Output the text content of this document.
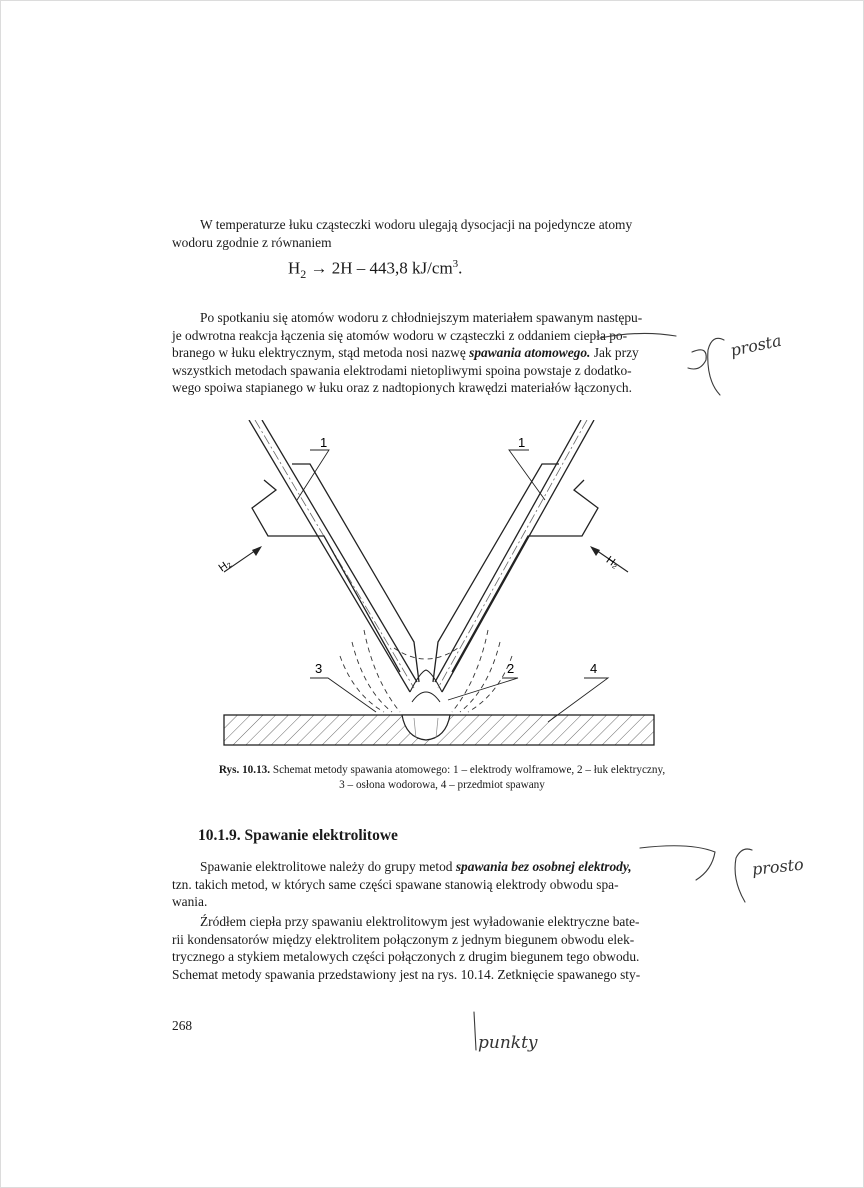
W temperaturze łuku cząsteczki wodoru ulegają dysocjacji na pojedyncze atomy
wodoru zgodnie z równaniem

$H_2 \to 2H - 443,8$ $kJ/cm^3$.

Po spotkaniu się atomów wodoru z chłodniejszym materiałem spawanym następu-
je odwrotna reakcja łączenia się atomów wodoru w cząsteczki z oddaniem ciepła po-
branego w łuku elektrycznym, stąd metoda nosi nazwę spawania atomowego. Jak przy
wszystkich metodach spawania elektrodami nietopliwymi spoina powstaje z dodatko-
wego spoiwa stapianego w łuku oraz z nadtopionych krawędzi materiałów łączonych.

H₂	H₂
1	1
2
3	4
Rys. 10.13. Schemat metody spawania atomowego: 1 – elektrody wolframowe, 2 – łuk elektryczny,
3 – osłona wodorowa, 4 – przedmiot spawany
10.1.9. Spawanie elektrolitowe

Spawanie elektrolitowe należy do grupy metod spawania bez osobnej elektrody,
tzn. takich metod, w których same części spawane stanowią elektrody obwodu spa-
wania.

Źródłem ciepła przy spawaniu elektrolitowym jest wyładowanie elektryczne bate-
rii kondensatorów między elektrolitem połączonym z jednym biegunem obwodu elek-
trycznego a stykiem metalowych części połączonych z drugim biegunem tego obwodu.
Schemat metody spawania przedstawiony jest na rys. 10.14. Zetknięcie spawanego sty-

268
prosta
prosto
punkty
